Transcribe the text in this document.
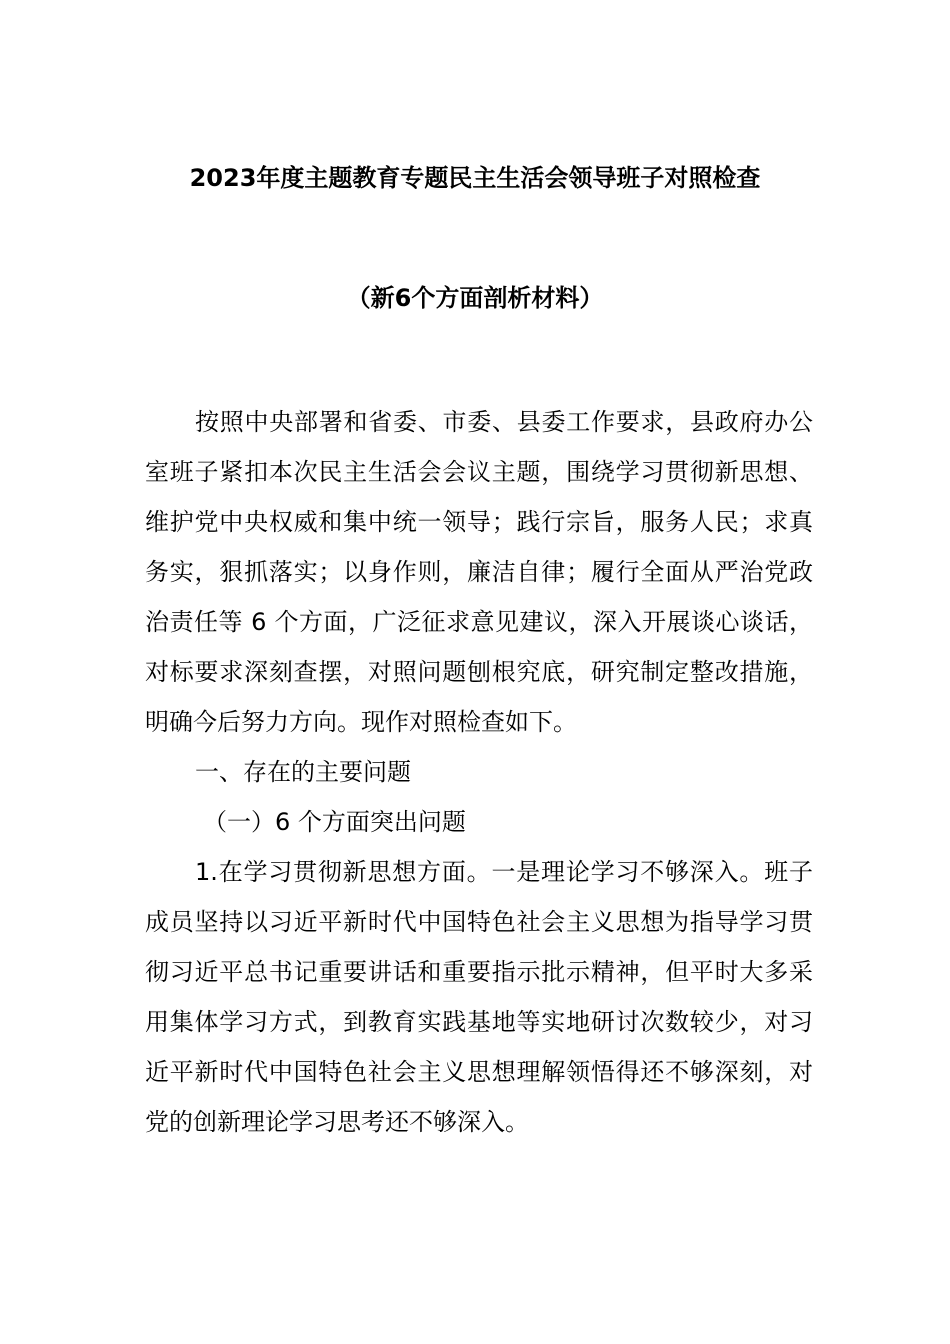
2023年度主题教育专题民主生活会领导班子对照检查
（新6个方面剖析材料）

按照中央部署和省委、市委、县委工作要求，县政府办公室班子紧扣本次民主生活会会议主题，围绕学习贯彻新思想、维护党中央权威和集中统一领导；践行宗旨，服务人民；求真务实，狠抓落实；以身作则，廉洁自律；履行全面从严治党政治责任等 6 个方面，广泛征求意见建议，深入开展谈心谈话，对标要求深刻查摆，对照问题刨根究底，研究制定整改措施，明确今后努力方向。现作对照检查如下。

一、存在的主要问题

（一）6 个方面突出问题

1.在学习贯彻新思想方面。一是理论学习不够深入。班子成员坚持以习近平新时代中国特色社会主义思想为指导学习贯彻习近平总书记重要讲话和重要指示批示精神，但平时大多采用集体学习方式，到教育实践基地等实地研讨次数较少，对习近平新时代中国特色社会主义思想理解领悟得还不够深刻，对党的创新理论学习思考还不够深入。
